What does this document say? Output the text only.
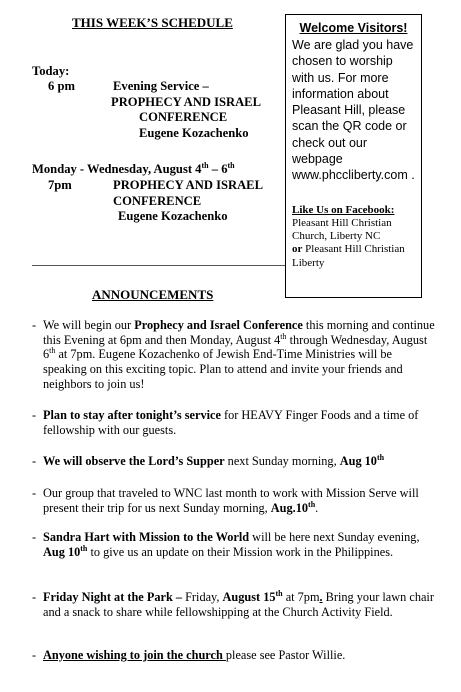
THIS WEEK’S SCHEDULE
Today:
6 pm	Evening Service –
PROPHECY AND ISRAEL
CONFERENCE
Eugene Kozachenko
Monday - Wednesday, August 4th – 6th
7pm	PROPHECY AND ISRAEL
CONFERENCE
Eugene Kozachenko
Welcome Visitors!
We are glad you have chosen to worship with us. For more information about Pleasant Hill, please scan the QR code or check out our webpage www.phccliberty.com .
Like Us on Facebook:
Pleasant Hill Christian Church, Liberty NC
or Pleasant Hill Christian Liberty
ANNOUNCEMENTS
- We will begin our Prophecy and Israel Conference this morning and continue this Evening at 6pm and then Monday, August 4th through Wednesday, August 6th at 7pm. Eugene Kozachenko of Jewish End-Time Ministries will be speaking on this exciting topic. Plan to attend and invite your friends and neighbors to join us!
- Plan to stay after tonight’s service for HEAVY Finger Foods and a time of fellowship with our guests.
- We will observe the Lord’s Supper next Sunday morning, Aug 10th
- Our group that traveled to WNC last month to work with Mission Serve will present their trip for us next Sunday morning, Aug.10th.
- Sandra Hart with Mission to the World will be here next Sunday evening, Aug 10th to give us an update on their Mission work in the Philippines.
- Friday Night at the Park – Friday, August 15th at 7pm. Bring your lawn chair and a snack to share while fellowshipping at the Church Activity Field.
- Anyone wishing to join the church please see Pastor Willie.
